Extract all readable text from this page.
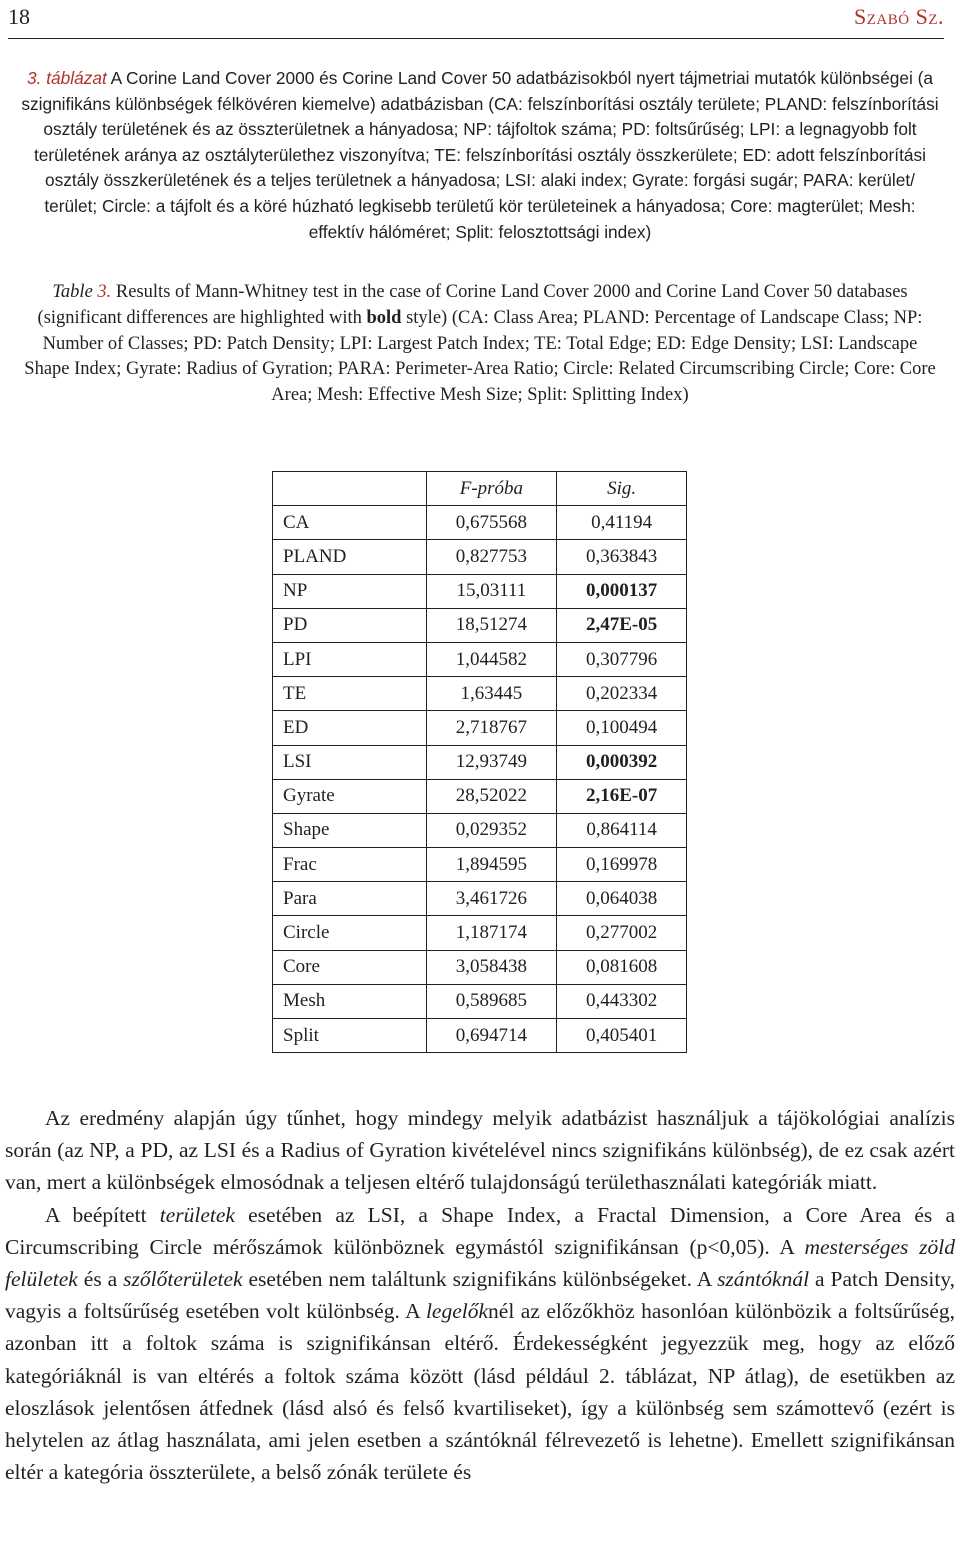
18	Szabó Sz.
3. táblázat A Corine Land Cover 2000 és Corine Land Cover 50 adatbázisokból nyert tájmetriai mutatók különbségei (a szignifikáns különbségek félkövéren kiemelve) adatbázisban (CA: felszínborítási osztály területe; PLAND: felszínborítási osztály területének és az összterületnek a hányadosa; NP: tájfoltok száma; PD: foltsűrűség; LPI: a legnagyobb folt területének aránya az osztályterülethez viszonyítva; TE: felszínborítási osztály összkerülete; ED: adott felszínborítási osztály összkerületének és a teljes területnek a hányadosa; LSI: alaki index; Gyrate: forgási sugár; PARA: kerület/ terület; Circle: a tájfolt és a köré húzható legkisebb területű kör területeinek a hányadosa; Core: magterület; Mesh: effektív hálóméret; Split: felosztottsági index)
Table 3. Results of Mann-Whitney test in the case of Corine Land Cover 2000 and Corine Land Cover 50 databases (significant differences are highlighted with bold style) (CA: Class Area; PLAND: Percentage of Landscape Class; NP: Number of Classes; PD: Patch Density; LPI: Largest Patch Index; TE: Total Edge; ED: Edge Density; LSI: Landscape Shape Index; Gyrate: Radius of Gyration; PARA: Perimeter-Area Ratio; Circle: Related Circumscribing Circle; Core: Core Area; Mesh: Effective Mesh Size; Split: Splitting Index)
	F-próba	Sig.
CA	0,675568	0,41194
PLAND	0,827753	0,363843
NP	15,03111	0,000137
PD	18,51274	2,47E-05
LPI	1,044582	0,307796
TE	1,63445	0,202334
ED	2,718767	0,100494
LSI	12,93749	0,000392
Gyrate	28,52022	2,16E-07
Shape	0,029352	0,864114
Frac	1,894595	0,169978
Para	3,461726	0,064038
Circle	1,187174	0,277002
Core	3,058438	0,081608
Mesh	0,589685	0,443302
Split	0,694714	0,405401

Az eredmény alapján úgy tűnhet, hogy mindegy melyik adatbázist használjuk a tájökológiai analízis során (az NP, a PD, az LSI és a Radius of Gyration kivételével nincs szignifikáns különbség), de ez csak azért van, mert a különbségek elmosódnak a teljesen eltérő tulajdonságú területhasználati kategóriák miatt.

A beépített területek esetében az LSI, a Shape Index, a Fractal Dimension, a Core Area és a Circumscribing Circle mérőszámok különböznek egymástól szignifikánsan (p<0,05). A mesterséges zöld felületek és a szőlőterületek esetében nem találtunk szignifikáns különbségeket. A szántóknál a Patch Density, vagyis a foltsűrűség esetében volt különbség. A legelőknél az előzőkhöz hasonlóan különbözik a foltsűrűség, azonban itt a foltok száma is szignifikánsan eltérő. Érdekességként jegyezzük meg, hogy az előző kategóriáknál is van eltérés a foltok száma között (lásd például 2. táblázat, NP átlag), de esetükben az eloszlások jelentősen átfednek (lásd alsó és felső kvartiliseket), így a különbség sem számottevő (ezért is helytelen az átlag használata, ami jelen esetben a szántóknál félrevezető is lehetne). Emellett szignifikánsan eltér a kategória összterülete, a belső zónák területe és
